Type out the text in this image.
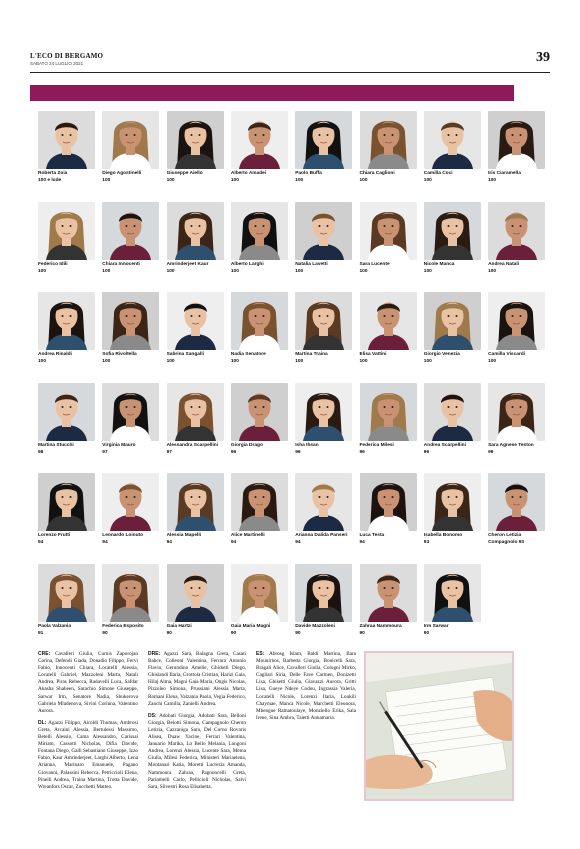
L'ECO DI BERGAMO
SABATO 24 LUGLIO 2021	39
Roberta Zoia
100 e lode
Diego Agostinelli
100
Giuseppe Aiello
100
Alberto Amadei
100
Paolo Buffa
100
Chiara Caglioni
100
Camilla Coci
100
Iris Ciaramella
100
Federico Idili
100
Chiara Innocenti
100
Amrinderjeet Kaur
100
Alberto Larghi
100
Natalia Lavetti
100
Sara Lucente
100
Nicole Manca
100
Andrea Natali
100
Andrea Rinaldi
100
Sofia Rivoltella
100
Sabrina Sangalli
100
Nadia Senatore
100
Martina Traina
100
Elisa Vattini
100
Giorgio Venezia
100
Camilla Viscardi
100
Martina Stucchi
98
Virginia Mauro
97
Alessandra Scarpellini
97
Giorgia Drago
96
Isha Ihsan
96
Federica Milesi
96
Andrea Scarpellini
96
Sara Agnese Teston
96
Lorenzo Frutti
94
Leonardo Loinuto
94
Alessia Mapelli
94
Alice Martinelli
94
Arianna Dalida Panseri
94
Luca Testa
94
Isabella Bonomo
93
Cheron Letizia
Compagnolo 93
Paola Valzania
91
Federica Esposito
90
Gaia Hartzi
90
Gaia Maria Magni
90
Davide Mazzoleni
90
Zahraa Nammoura
90
Irm Sarwar
90

CRE: Cavalleri Giulia, Curnis Zaporojan Corina, Defendi Giada, Donadio Filippo, Fervi Fabio, Innocenti Chiara, Locatelli Alessia, Locatelli Gabriel, Mazzoleni Marta, Natali Andrea, Piras Rebecca, Radavelli Luca, Safdar Akasha Shaheen, Sarachio Simone Giuseppe, Sarwar Irm, Senatore Nadia, Shukerova Gabriela Mladenova, Sivini Corinna, Valentino Aurora.

DL: Agazzi Filippo, Airoldi Thomas, Ambrosi Greta, Arcaini Alessia, Bertulessi Massimo, Betelli Alessio, Cama Alessandro, Carissai Miriam, Cassotti Nicholas, Difia Davide, Fontana Diego, Galli Sebastiano Giuseppe, Izzo Fabio, Kaur Amrinderjeet, Larghi Alberto, Lena Arianna, Marinaro Emanuele, Pagano Giovanni, Palassini Rebecca, Petriccioli Elena, Pinelli Andrea, Traina Martina, Trotta Davide, Wreanfors Oscar, Zucchetti Matteo.

DRE: Agazzi Sara, Balagna Greta, Casati Babce, Colleoni Valentina, Ferrara Antonio Flavio, Gerundino Amelie, Ghidotti Diego, Ghislandi Ilaria, Grottola Cristian, Harizi Gaia, Hilaj Alma, Magni Gaia Maria, Ongis Nicolas, Pizzoleo Simona, Prussiani Alessia Marta, Romani Elena, Valzania Paola, Vegia Federico, Zanchi Camilla, Zanielli Andrea.

DS: Adobati Giorgia, Adobati Sara, Belloni Giorgia, Belotti Simona, Campagnolo Cheron Letizia, Cazzaniga Sara, Del Corno Rovaris Alisea, Duaw Yacine, Ferrari Valentina, Januario Marika, Lo Bello Melania, Longoni Andrea, Lorenzi Alessia, Lucente Sara, Mema Giulia, Milesi Federica, Ministeri Mariaelena, Montanari Katia, Moretti Lucrezia Amanda, Nammoura Zahraa, Pagnoncelli Greta, Parimbelli Carlo, Pellicioli Nicholas, Salvi Sara, Silvestri Rosa Elisabetta.

ES: Abrosg Islam, Baldi Martina, Bara Mounirnos, Barbetta Giorgia, Bonicelli Sara, Bragali Alice, Cavalleri Giulia, Cologni Mirko, Cagliari Siria, Delle Fave Carmen, Donizetti Lisa, Ghisetti Giulia, Giavazzi Aurora, Gritti Lisa, Gueye Ndeye Codou, Ingrassia Valeria, Locatelli Nicole, Lorenzi Ilaria, Loukili Chaymae, Manca Nicole, Marchetti Eleonora, Mbengue Ramatoulaye, Monziello Erika, Sala Irene, Sina Ambra, Taietti Annamaria.
